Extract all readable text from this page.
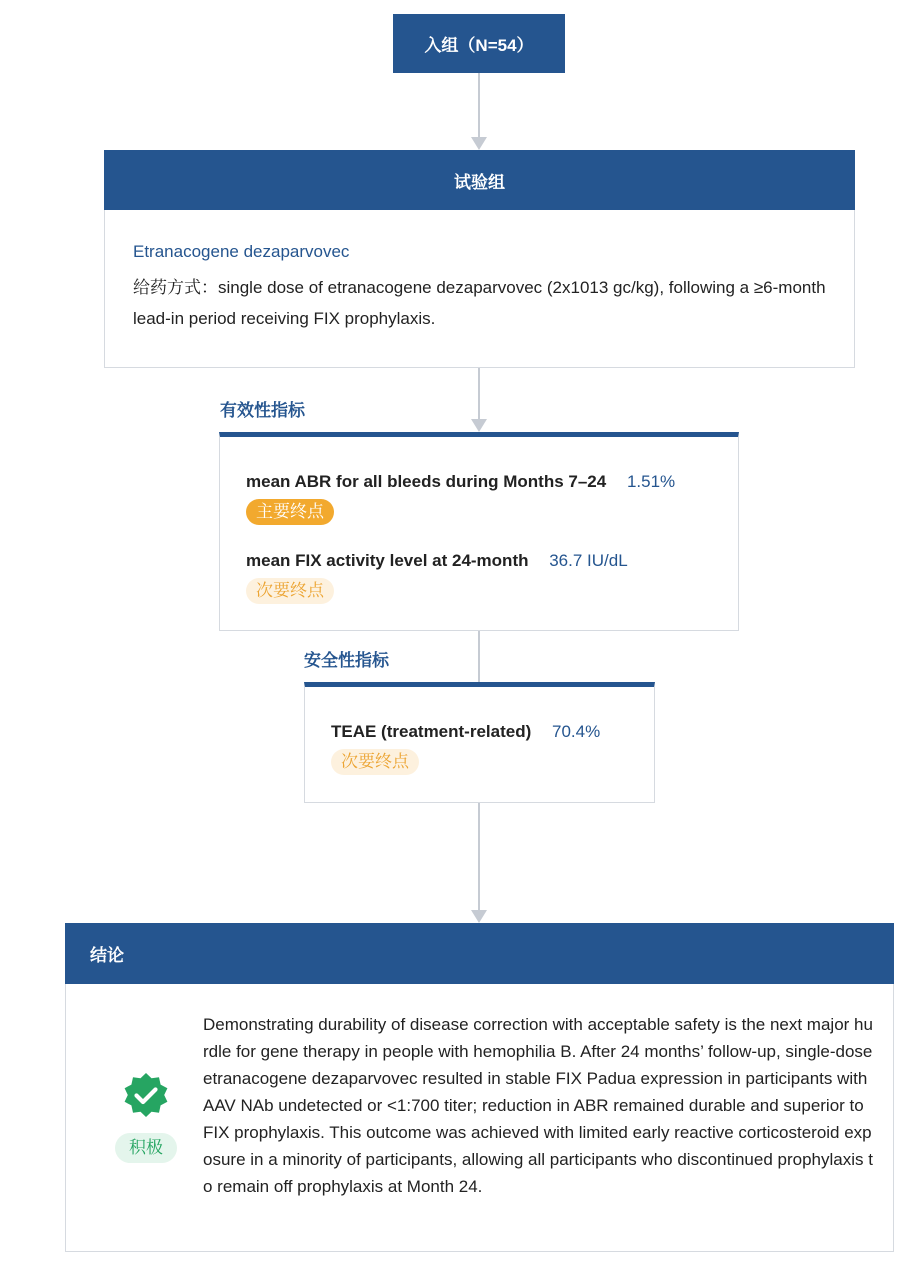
入组（N=54）
试验组
Etranacogene dezaparvovec
给药方式：single dose of etranacogene dezaparvovec (2x1013 gc/kg), following a ≥6-month lead-in period receiving FIX prophylaxis.
有效性指标
mean ABR for all bleeds during Months 7–24 1.51%
主要终点
mean FIX activity level at 24-month 36.7 IU/dL
次要终点
安全性指标
TEAE (treatment-related) 70.4%
次要终点
结论
积极
Demonstrating durability of disease correction with acceptable safety is the next major hurdle for gene therapy in people with hemophilia B. After 24 months’ follow-up, single-dose etranacogene dezaparvovec resulted in stable FIX Padua expression in participants with AAV NAb undetected or <1:700 titer; reduction in ABR remained durable and superior to FIX prophylaxis. This outcome was achieved with limited early reactive corticosteroid exposure in a minority of participants, allowing all participants who discontinued prophylaxis to remain off prophylaxis at Month 24.
